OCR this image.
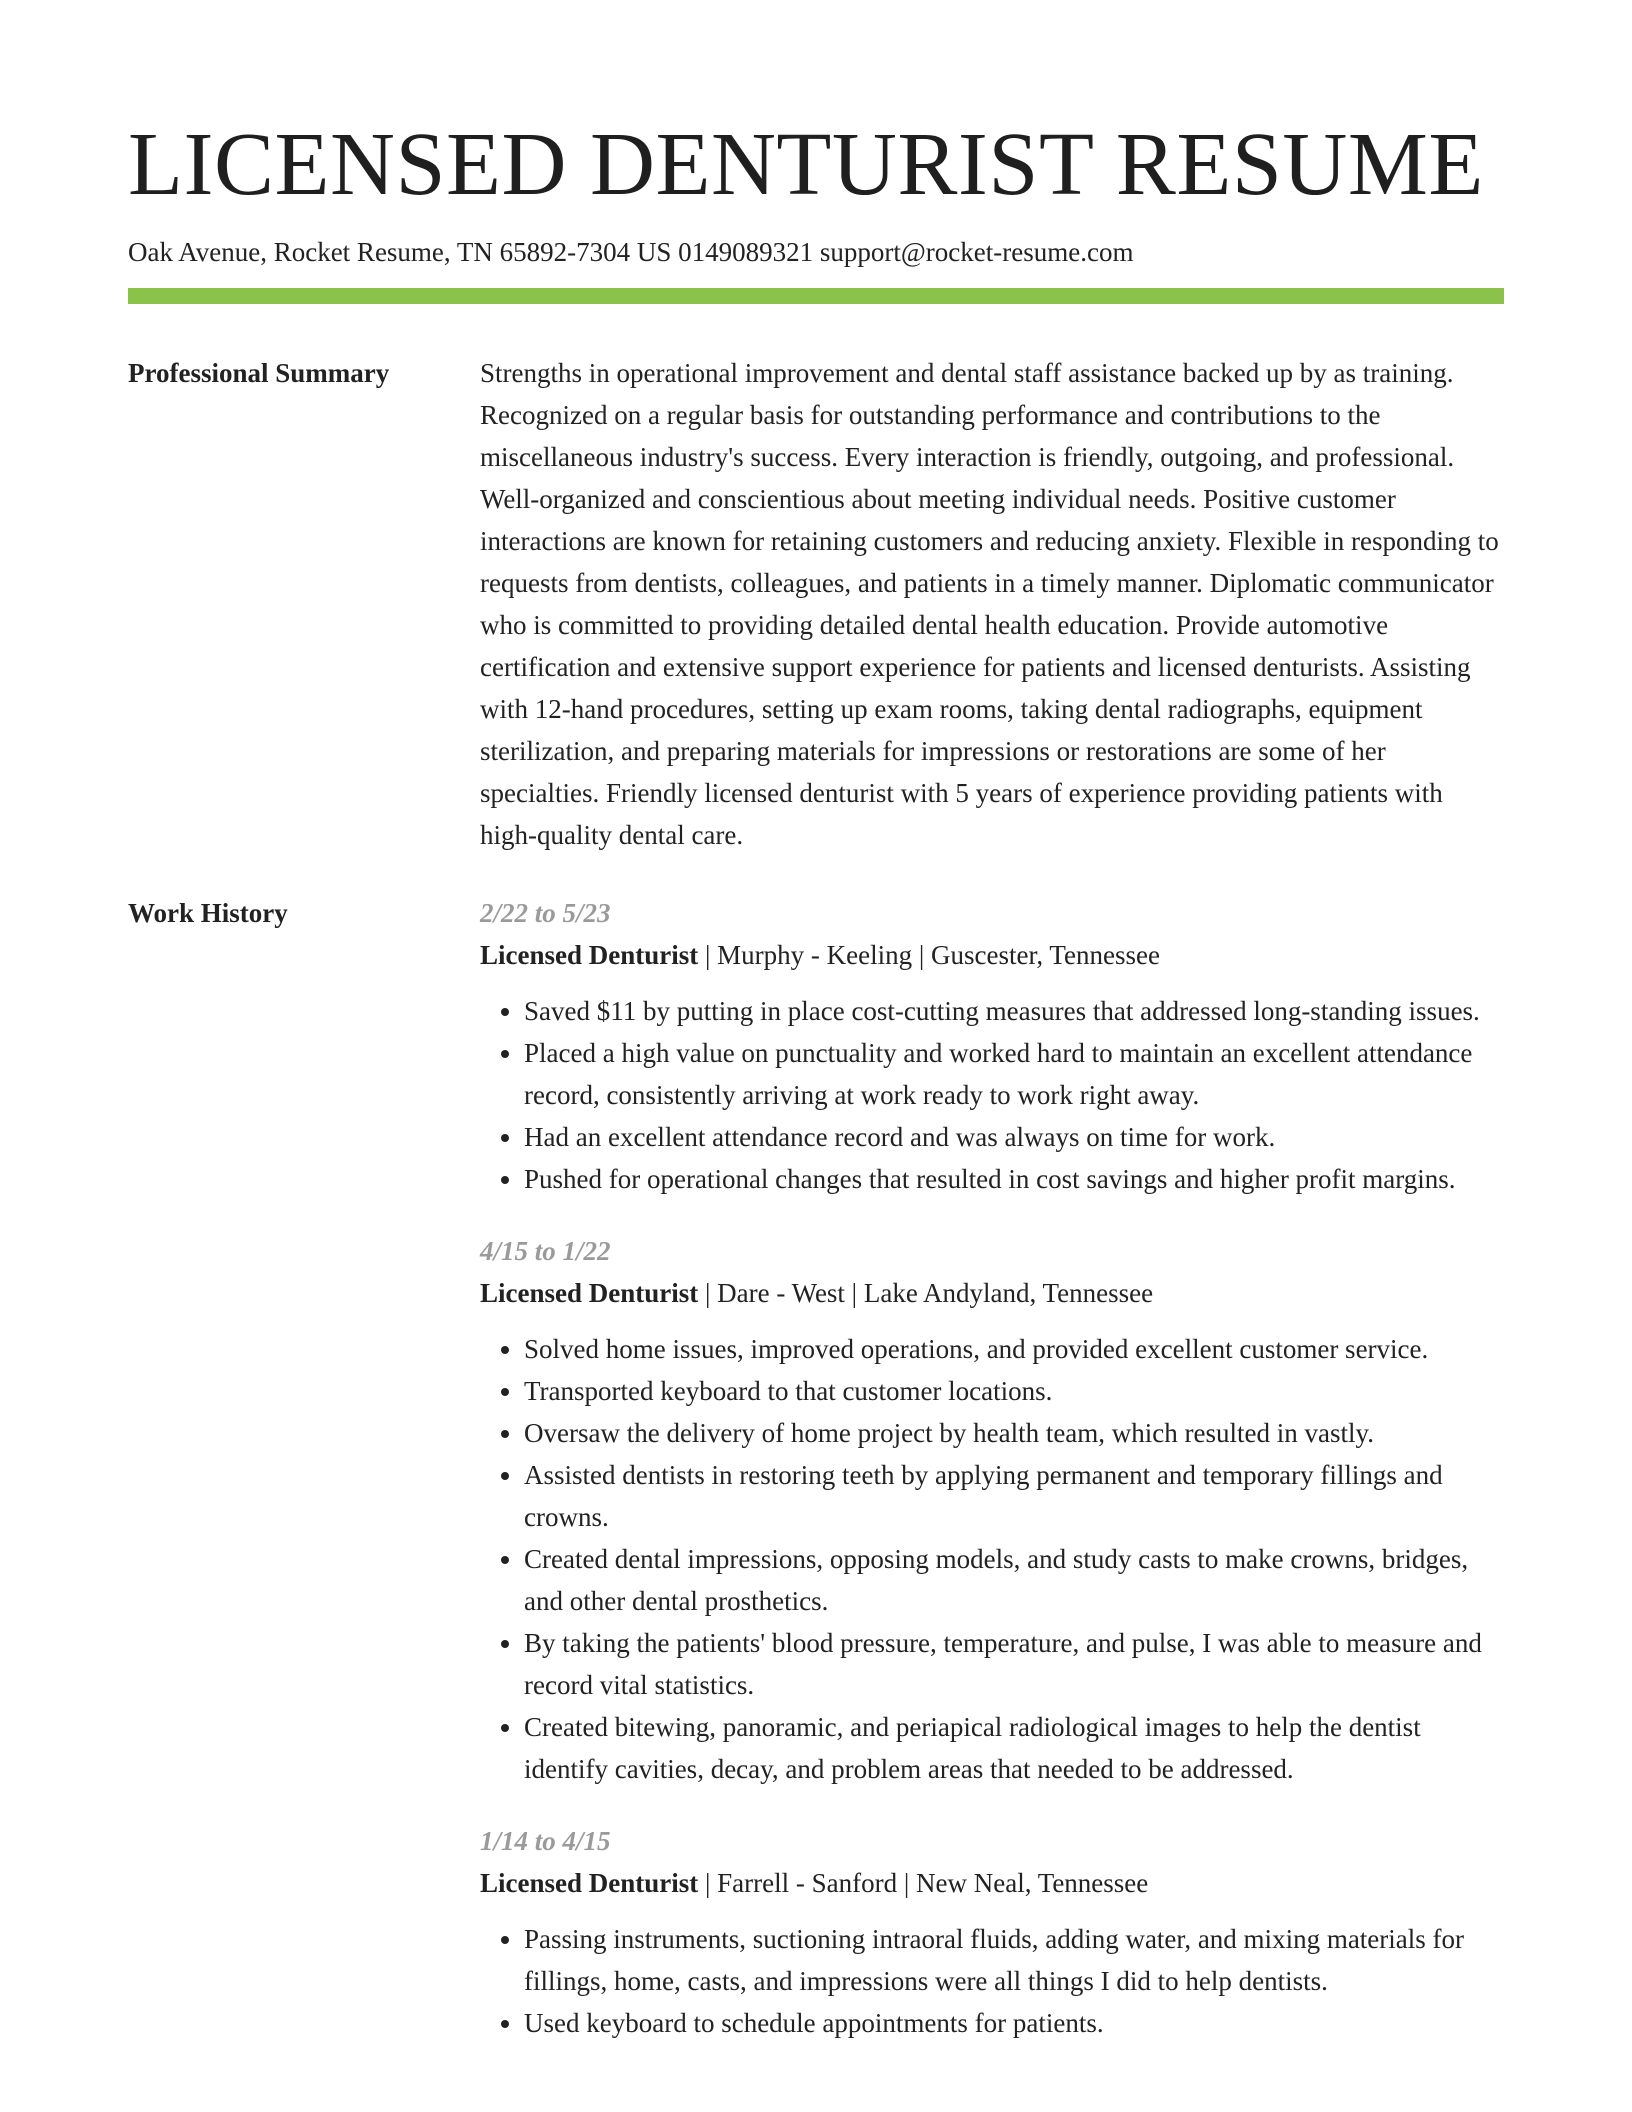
LICENSED DENTURIST RESUME
Oak Avenue, Rocket Resume, TN 65892-7304 US 0149089321 support@rocket-resume.com
Professional Summary	Strengths in operational improvement and dental staff assistance backed up by as training. Recognized on a regular basis for outstanding performance and contributions to the miscellaneous industry's success. Every interaction is friendly, outgoing, and professional. Well-organized and conscientious about meeting individual needs. Positive customer interactions are known for retaining customers and reducing anxiety. Flexible in responding to requests from dentists, colleagues, and patients in a timely manner. Diplomatic communicator who is committed to providing detailed dental health education. Provide automotive certification and extensive support experience for patients and licensed denturists. Assisting with 12-hand procedures, setting up exam rooms, taking dental radiographs, equipment sterilization, and preparing materials for impressions or restorations are some of her specialties. Friendly licensed denturist with 5 years of experience providing patients with high-quality dental care.

Work History	2/22 to 5/23
Licensed Denturist | Murphy - Keeling | Guscester, Tennessee
• Saved $11 by putting in place cost-cutting measures that addressed long-standing issues.
• Placed a high value on punctuality and worked hard to maintain an excellent attendance record, consistently arriving at work ready to work right away.
• Had an excellent attendance record and was always on time for work.
• Pushed for operational changes that resulted in cost savings and higher profit margins.
4/15 to 1/22
Licensed Denturist | Dare - West | Lake Andyland, Tennessee
• Solved home issues, improved operations, and provided excellent customer service.
• Transported keyboard to that customer locations.
• Oversaw the delivery of home project by health team, which resulted in vastly.
• Assisted dentists in restoring teeth by applying permanent and temporary fillings and crowns.
• Created dental impressions, opposing models, and study casts to make crowns, bridges, and other dental prosthetics.
• By taking the patients' blood pressure, temperature, and pulse, I was able to measure and record vital statistics.
• Created bitewing, panoramic, and periapical radiological images to help the dentist identify cavities, decay, and problem areas that needed to be addressed.
1/14 to 4/15
Licensed Denturist | Farrell - Sanford | New Neal, Tennessee
• Passing instruments, suctioning intraoral fluids, adding water, and mixing materials for fillings, home, casts, and impressions were all things I did to help dentists.
• Used keyboard to schedule appointments for patients.
